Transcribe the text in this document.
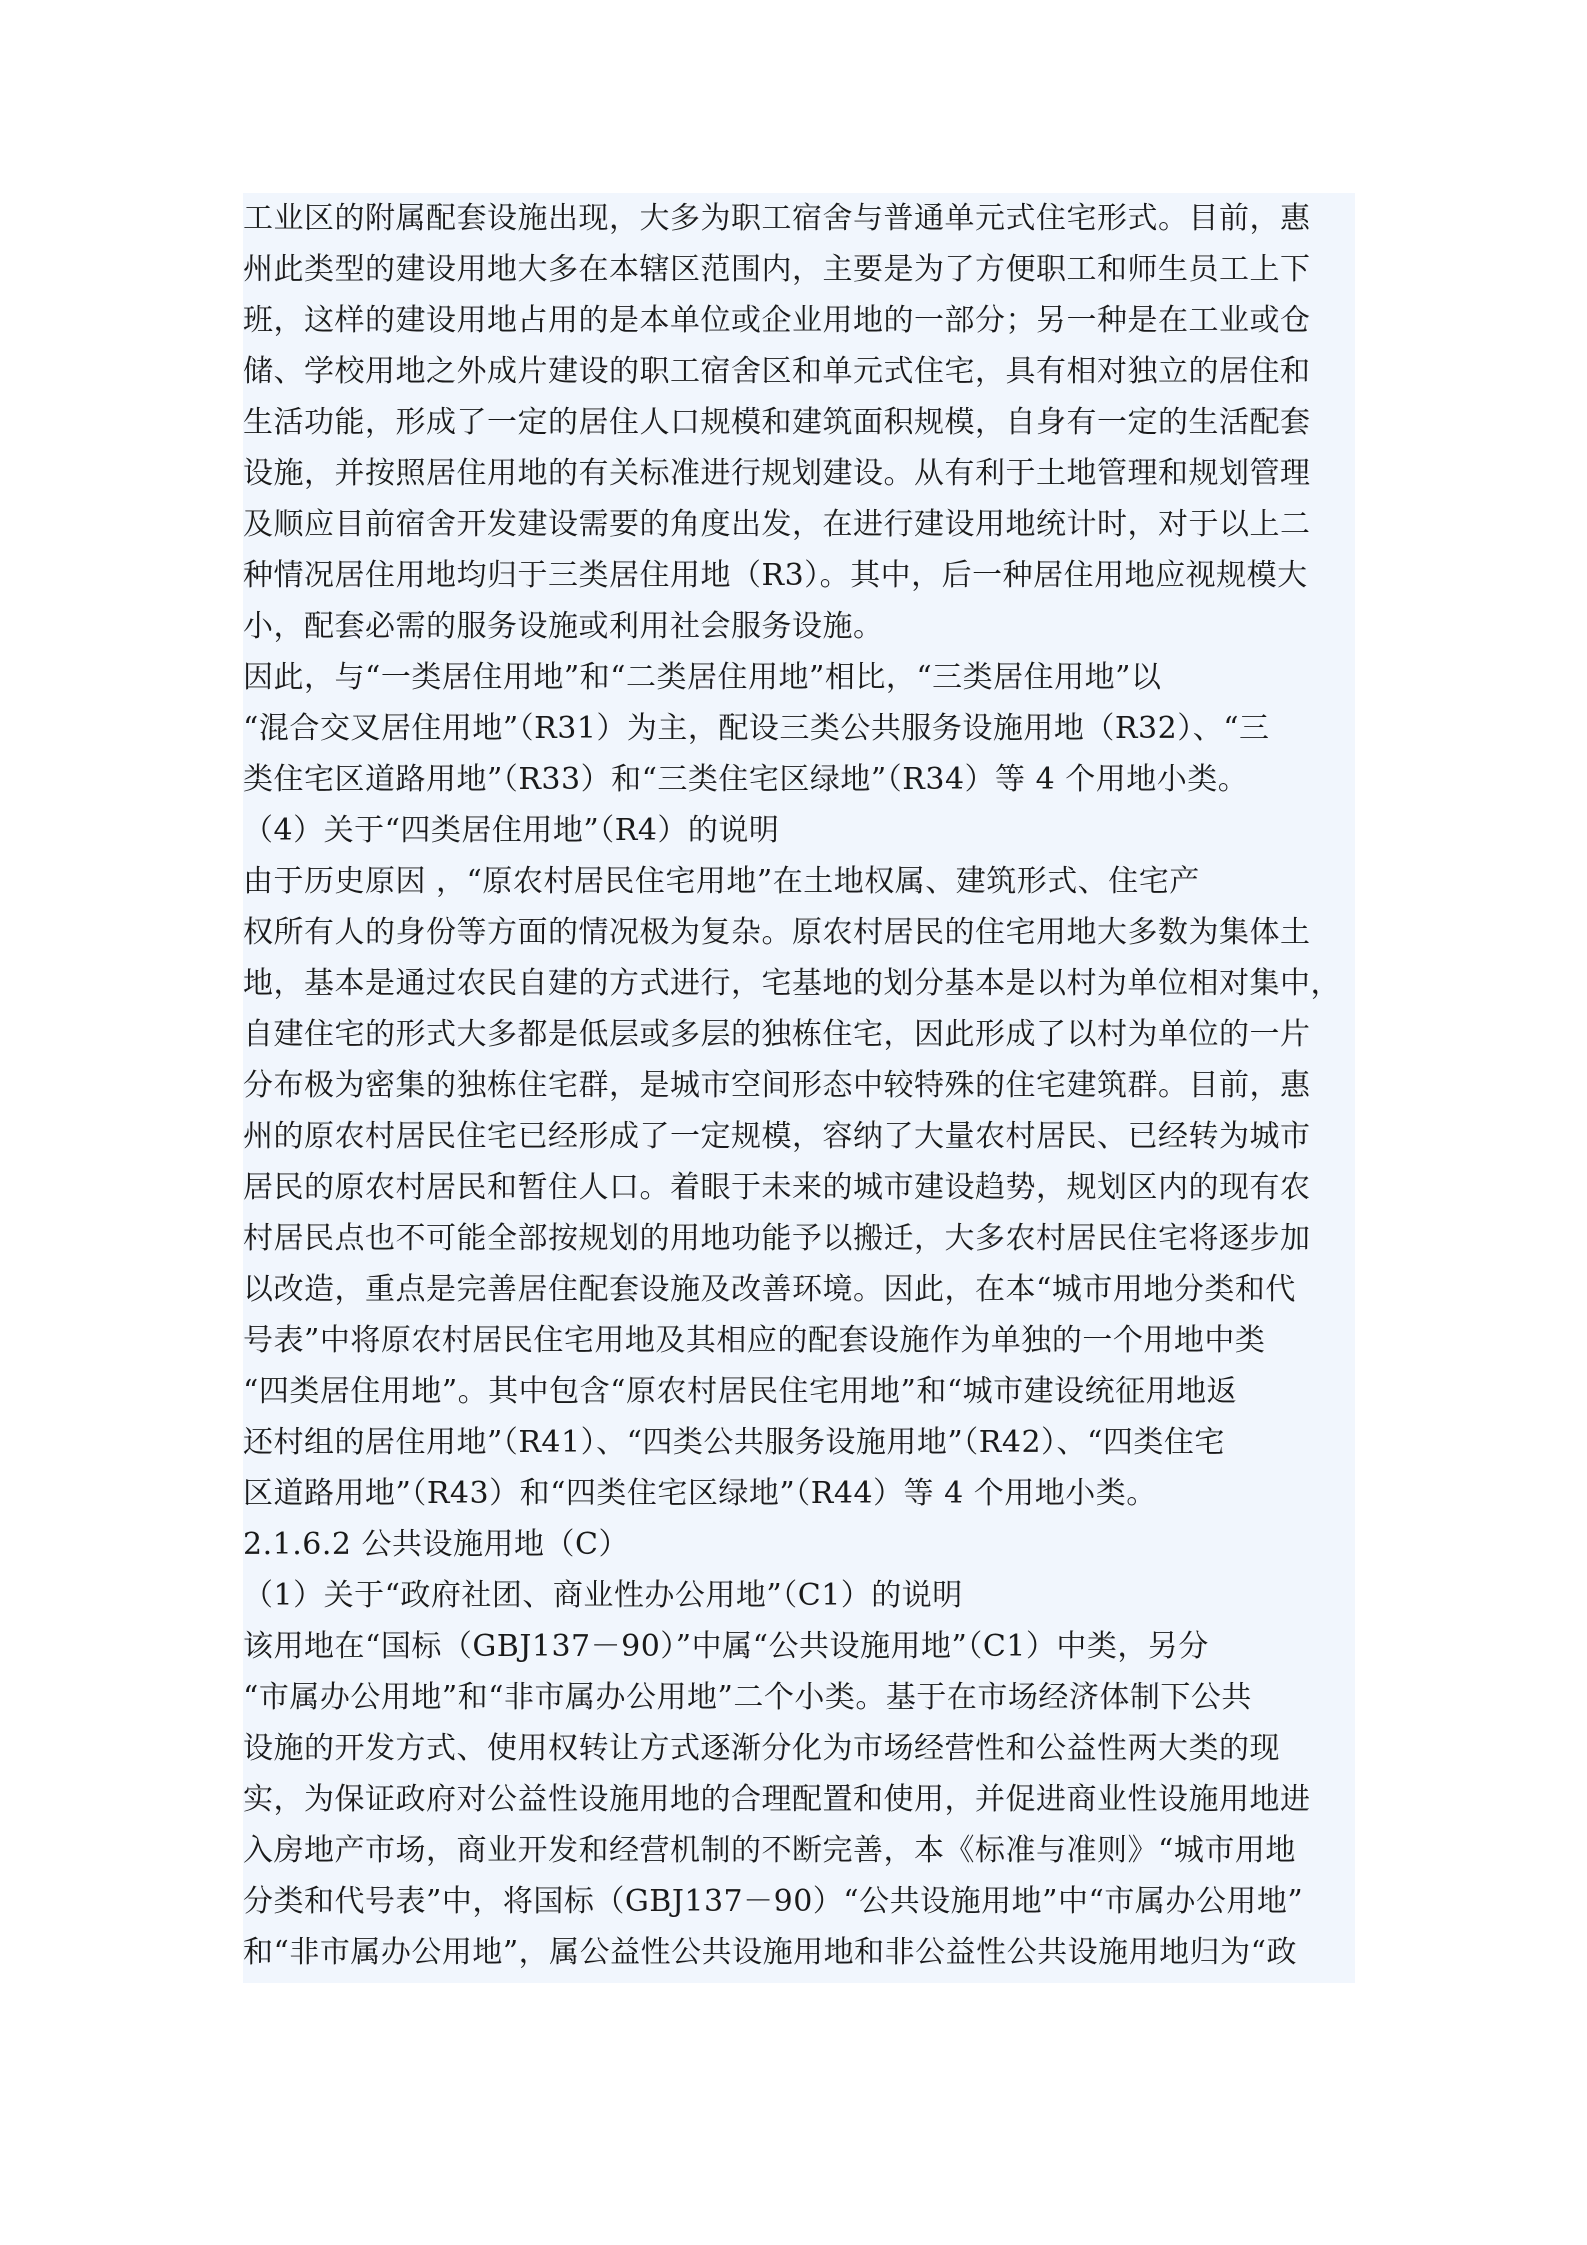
工业区的附属配套设施出现，大多为职工宿舍与普通单元式住宅形式。目前，惠
州此类型的建设用地大多在本辖区范围内，主要是为了方便职工和师生员工上下
班，这样的建设用地占用的是本单位或企业用地的一部分；另一种是在工业或仓
储、学校用地之外成片建设的职工宿舍区和单元式住宅，具有相对独立的居住和
生活功能，形成了一定的居住人口规模和建筑面积规模，自身有一定的生活配套
设施，并按照居住用地的有关标准进行规划建设。从有利于土地管理和规划管理
及顺应目前宿舍开发建设需要的角度出发，在进行建设用地统计时，对于以上二
种情况居住用地均归于三类居住用地（R3）。其中，后一种居住用地应视规模大
小，配套必需的服务设施或利用社会服务设施。
因此，与“一类居住用地”和“二类居住用地”相比，“三类居住用地”以
“混合交叉居住用地”（R31）为主，配设三类公共服务设施用地（R32）、“三
类住宅区道路用地”（R33）和“三类住宅区绿地”（R34）等 4 个用地小类。
（4）关于“四类居住用地”（R4）的说明
由于历史原因 ，“原农村居民住宅用地”在土地权属、建筑形式、住宅产
权所有人的身份等方面的情况极为复杂。原农村居民的住宅用地大多数为集体土
地，基本是通过农民自建的方式进行，宅基地的划分基本是以村为单位相对集中，
自建住宅的形式大多都是低层或多层的独栋住宅，因此形成了以村为单位的一片
分布极为密集的独栋住宅群，是城市空间形态中较特殊的住宅建筑群。目前，惠
州的原农村居民住宅已经形成了一定规模，容纳了大量农村居民、已经转为城市
居民的原农村居民和暂住人口。着眼于未来的城市建设趋势，规划区内的现有农
村居民点也不可能全部按规划的用地功能予以搬迁，大多农村居民住宅将逐步加
以改造，重点是完善居住配套设施及改善环境。因此，在本“城市用地分类和代
号表”中将原农村居民住宅用地及其相应的配套设施作为单独的一个用地中类
“四类居住用地”。其中包含“原农村居民住宅用地”和“城市建设统征用地返
还村组的居住用地”（R41）、“四类公共服务设施用地”（R42）、“四类住宅
区道路用地”（R43）和“四类住宅区绿地”（R44）等 4 个用地小类。
2.1.6.2 公共设施用地（C）
（1）关于“政府社团、商业性办公用地”（C1）的说明
该用地在“国标（GBJ137－90）”中属“公共设施用地”（C1）中类，另分
“市属办公用地”和“非市属办公用地”二个小类。基于在市场经济体制下公共
设施的开发方式、使用权转让方式逐渐分化为市场经营性和公益性两大类的现
实，为保证政府对公益性设施用地的合理配置和使用，并促进商业性设施用地进
入房地产市场，商业开发和经营机制的不断完善，本《标准与准则》“城市用地
分类和代号表”中，将国标（GBJ137－90）“公共设施用地”中“市属办公用地”
和“非市属办公用地”，属公益性公共设施用地和非公益性公共设施用地归为“政
